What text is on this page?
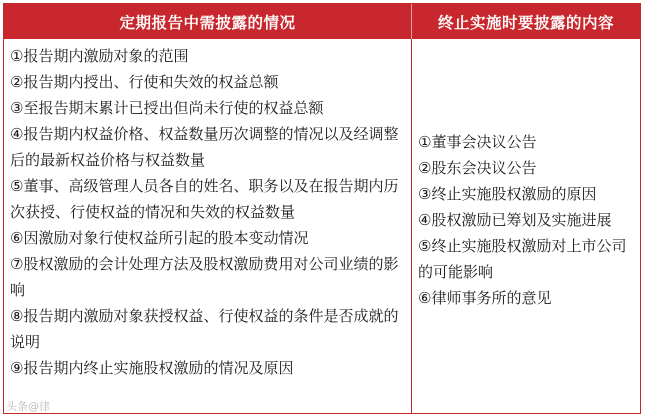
定期报告中需披露的情况	终止实施时要披露的内容
①报告期内激励对象的范围
②报告期内授出、行使和失效的权益总额
③至报告期末累计已授出但尚未行使的权益总额
④报告期内权益价格、权益数量历次调整的情况以及经调整后的最新权益价格与权益数量
⑤董事、高级管理人员各自的姓名、职务以及在报告期内历次获授、行使权益的情况和失效的权益数量
⑥因激励对象行使权益所引起的股本变动情况
⑦股权激励的会计处理方法及股权激励费用对公司业绩的影响
⑧报告期内激励对象获授权益、行使权益的条件是否成就的说明
⑨报告期内终止实施股权激励的情况及原因
①董事会决议公告
②股东会决议公告
③终止实施股权激励的原因
④股权激励已筹划及实施进展
⑤终止实施股权激励对上市公司的可能影响
⑥律师事务所的意见
头条@律
